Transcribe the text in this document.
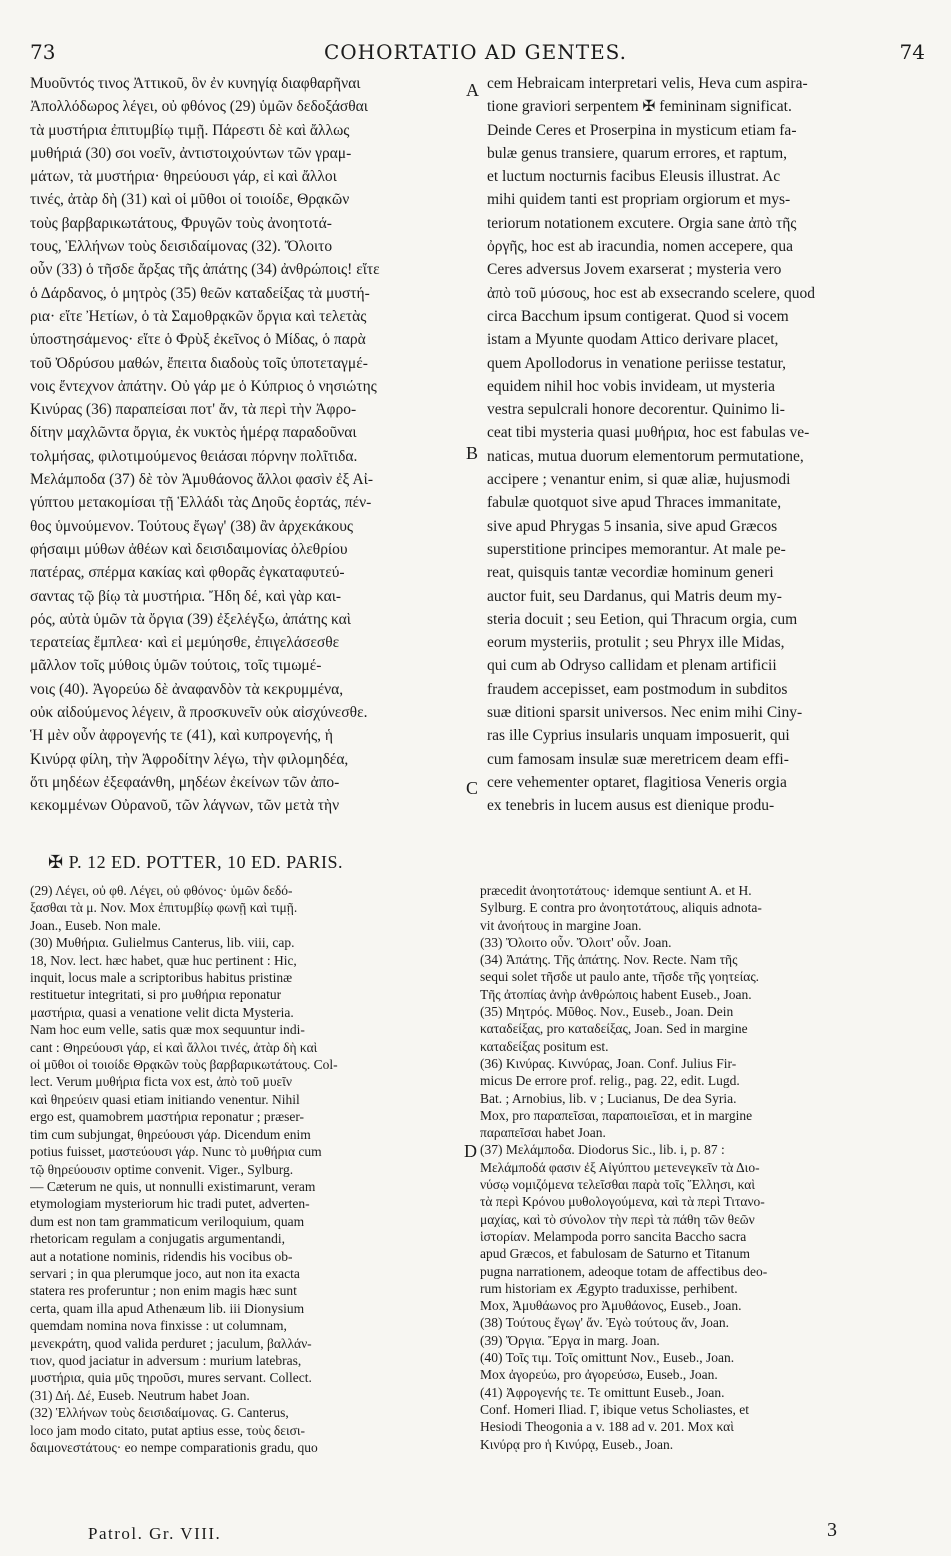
73	COHORTATIO AD GENTES.	74
Μυοῦντός τινος Ἀττικοῦ, ὃν ἐν κυνηγίᾳ διαφθαρῆναι
Ἀπολλόδωρος λέγει, οὐ φθόνος (29) ὑμῶν δεδοξάσθαι
τὰ μυστήρια ἐπιτυμβίῳ τιμῇ. Πάρεστι δὲ καὶ ἄλλως
μυθήριά (30) σοι νοεῖν, ἀντιστοιχούντων τῶν γραμ-
μάτων, τὰ μυστήρια· θηρεύουσι γάρ, εἰ καὶ ἄλλοι
τινές, ἀτὰρ δὴ (31) καὶ οἱ μῦθοι οἱ τοιοίδε, Θρᾳκῶν
τοὺς βαρβαρικωτάτους, Φρυγῶν τοὺς ἀνοητοτά-
τους, Ἑλλήνων τοὺς δεισιδαίμονας (32). Ὄλοιτο
οὖν (33) ὁ τῆσδε ἄρξας τῆς ἀπάτης (34) ἀνθρώποις! εἴτε
ὁ Δάρδανος, ὁ μητρὸς (35) θεῶν καταδείξας τὰ μυστή-
ρια· εἴτε Ἠετίων, ὁ τὰ Σαμοθρᾳκῶν ὄργια καὶ τελετὰς
ὑποστησάμενος· εἴτε ὁ Φρὺξ ἐκεῖνος ὁ Μίδας, ὁ παρὰ
τοῦ Ὀδρύσου μαθών, ἔπειτα διαδοὺς τοῖς ὑποτεταγμέ-
νοις ἔντεχνον ἀπάτην. Οὐ γάρ με ὁ Κύπριος ὁ νησιώτης
Κινύρας (36) παραπείσαι ποτ' ἄν, τὰ περὶ τὴν Ἀφρο-
δίτην μαχλῶντα ὄργια, ἐκ νυκτὸς ἡμέρᾳ παραδοῦναι
τολμήσας, φιλοτιμούμενος θειάσαι πόρνην πολῖτιδα.
Μελάμποδα (37) δὲ τὸν Ἀμυθάονος ἄλλοι φασὶν ἐξ Αἰ-
γύπτου μετακομίσαι τῇ Ἑλλάδι τὰς Δηοῦς ἑορτάς, πέν-
θος ὑμνούμενον. Τούτους ἔγωγ' (38) ἂν ἀρχεκάκους
φήσαιμι μύθων ἀθέων καὶ δεισιδαιμονίας ὀλεθρίου
πατέρας, σπέρμα κακίας καὶ φθορᾶς ἐγκαταφυτεύ-
σαντας τῷ βίῳ τὰ μυστήρια. Ἤδη δέ, καὶ γὰρ και-
ρός, αὐτὰ ὑμῶν τὰ ὄργια (39) ἐξελέγξω, ἀπάτης καὶ
τερατείας ἔμπλεα· καὶ εἰ μεμύησθε, ἐπιγελάσεσθε
μᾶλλον τοῖς μύθοις ὑμῶν τούτοις, τοῖς τιμωμέ-
νοις (40). Ἀγορεύω δὲ ἀναφανδὸν τὰ κεκρυμμένα,
οὐκ αἰδούμενος λέγειν, ἃ προσκυνεῖν οὐκ αἰσχύνεσθε.
Ἡ μὲν οὖν ἀφρογενής τε (41), καὶ κυπρογενής, ἡ
Κινύρᾳ φίλη, τὴν Ἀφροδίτην λέγω, τὴν φιλομηδέα,
ὅτι μηδέων ἐξεφαάνθη, μηδέων ἐκείνων τῶν ἀπο-
κεκομμένων Οὐρανοῦ, τῶν λάγνων, τῶν μετὰ τὴν
cem Hebraicam interpretari velis, Heva cum aspira-
tione graviori serpentem ✠ femininam significat.
Deinde Ceres et Proserpina in mysticum etiam fa-
bulæ genus transiere, quarum errores, et raptum,
et luctum nocturnis facibus Eleusis illustrat. Ac
mihi quidem tanti est propriam orgiorum et mys-
teriorum notationem excutere. Orgia sane ἀπὸ τῆς
ὀργῆς, hoc est ab iracundia, nomen accepere, qua
Ceres adversus Jovem exarserat ; mysteria vero
ἀπὸ τοῦ μύσους, hoc est ab exsecrando scelere, quod
circa Bacchum ipsum contigerat. Quod si vocem
istam a Myunte quodam Attico derivare placet,
quem Apollodorus in venatione periisse testatur,
equidem nihil hoc vobis invideam, ut mysteria
vestra sepulcrali honore decorentur. Quinimo li-
ceat tibi mysteria quasi μυθήρια, hoc est fabulas ve-
naticas, mutua duorum elementorum permutatione,
accipere ; venantur enim, si quæ aliæ, hujusmodi
fabulæ quotquot sive apud Thraces immanitate,
sive apud Phrygas 5 insania, sive apud Græcos
superstitione principes memorantur. At male pe-
reat, quisquis tantæ vecordiæ hominum generi
auctor fuit, seu Dardanus, qui Matris deum my-
steria docuit ; seu Eetion, qui Thracum orgia, cum
eorum mysteriis, protulit ; seu Phryx ille Midas,
qui cum ab Odryso callidam et plenam artificii
fraudem accepisset, eam postmodum in subditos
suæ ditioni sparsit universos. Nec enim mihi Ciny-
ras ille Cyprius insularis unquam imposuerit, qui
cum famosam insulæ suæ meretricem deam effi-
cere vehementer optaret, flagitiosa Veneris orgia
ex tenebris in lucem ausus est dienique produ-
A
B
C
D
✠ P. 12 ED. POTTER, 10 ED. PARIS.
(29) Λέγει, οὐ φθ. Λέγει, οὐ φθόνος· ὑμῶν δεδό-
ξασθαι τὰ μ. Nov. Mox ἐπιτυμβίῳ φωνῇ καὶ τιμῇ.
Joan., Euseb. Non male.
(30) Μυθήρια. Gulielmus Canterus, lib. viii, cap.
18, Nov. lect. hæc habet, quæ huc pertinent : Hic,
inquit, locus male a scriptoribus habitus pristinæ
restituetur integritati, si pro μυθήρια reponatur
μαστήρια, quasi a venatione velit dicta Mysteria.
Nam hoc eum velle, satis quæ mox sequuntur indi-
cant : Θηρεύουσι γάρ, εἰ καὶ ἄλλοι τινές, ἀτὰρ δὴ καὶ
οἱ μῦθοι οἱ τοιοίδε Θρᾳκῶν τοὺς βαρβαρικωτάτους. Col-
lect. Verum μυθήρια ficta vox est, ἀπὸ τοῦ μυεῖν
καὶ θηρεύειν quasi etiam initiando venentur. Nihil
ergo est, quamobrem μαστήρια reponatur ; præser-
tim cum subjungat, θηρεύουσι γάρ. Dicendum enim
potius fuisset, μαστεύουσι γάρ. Nunc τὸ μυθήρια cum
τῷ θηρεύουσιν optime convenit. Viger., Sylburg.
— Cæterum ne quis, ut nonnulli existimarunt, veram
etymologiam mysteriorum hic tradi putet, adverten-
dum est non tam grammaticum veriloquium, quam
rhetoricam regulam a conjugatis argumentandi,
aut a notatione nominis, ridendis his vocibus ob-
servari ; in qua plerumque joco, aut non ita exacta
statera res proferuntur ; non enim magis hæc sunt
certa, quam illa apud Athenæum lib. iii Dionysium
quemdam nomina nova finxisse : ut columnam,
μενεκράτη, quod valida perduret ; jaculum, βαλλάν-
τιον, quod jaciatur in adversum : murium latebras,
μυστήρια, quia μῦς τηροῦσι, mures servant. Collect.
(31) Δή. Δέ, Euseb. Neutrum habet Joan.
(32) Ἑλλήνων τοὺς δεισιδαίμονας. G. Canterus,
loco jam modo citato, putat aptius esse, τοὺς δεισι-
δαιμονεστάτους· eo nempe comparationis gradu, quo
præcedit ἀνοητοτάτους· idemque sentiunt A. et H.
Sylburg. E contra pro ἀνοητοτάτους, aliquis adnota-
vit ἀνοήτους in margine Joan.
(33) Ὄλοιτο οὖν. Ὄλοιτ' οὖν. Joan.
(34) Ἀπάτης. Τῆς ἀπάτης. Nov. Recte. Nam τῆς
sequi solet τῆσδε ut paulo ante, τῆσδε τῆς γοητείας.
Τῆς ἀτοπίας ἀνὴρ ἀνθρώποις habent Euseb., Joan.
(35) Μητρός. Μῦθος. Nov., Euseb., Joan. Dein
καταδείξας, pro καταδείξας, Joan. Sed in margine
καταδείξας positum est.
(36) Κινύρας. Κιννύρας, Joan. Conf. Julius Fir-
micus De errore prof. relig., pag. 22, edit. Lugd.
Bat. ; Arnobius, lib. v ; Lucianus, De dea Syria.
Mox, pro παραπεῖσαι, παραποιεῖσαι, et in margine
παραπεῖσαι habet Joan.
(37) Μελάμποδα. Diodorus Sic., lib. i, p. 87 :
Μελάμποδά φασιν ἐξ Αἰγύπτου μετενεγκεῖν τὰ Διο-
νύσῳ νομιζόμενα τελεῖσθαι παρὰ τοῖς Ἕλλησι, καὶ
τὰ περὶ Κρόνου μυθολογούμενα, καὶ τὰ περὶ Τιτανο-
μαχίας, καὶ τὸ σύνολον τὴν περὶ τὰ πάθη τῶν θεῶν
ἱστορίαν. Melampoda porro sancita Baccho sacra
apud Græcos, et fabulosam de Saturno et Titanum
pugna narrationem, adeoque totam de affectibus deo-
rum historiam ex Ægypto traduxisse, perhibent.
Mox, Ἀμυθάωνος pro Ἀμυθάονος, Euseb., Joan.
(38) Τούτους ἔγωγ' ἄν. Ἐγὼ τούτους ἄν, Joan.
(39) Ὄργια. Ἔργα in marg. Joan.
(40) Τοῖς τιμ. Τοῖς omittunt Nov., Euseb., Joan.
Mox ἀγορεύω, pro ἀγορεύσω, Euseb., Joan.
(41) Ἀφρογενής τε. Τε omittunt Euseb., Joan.
Conf. Homeri Iliad. Γ, ibique vetus Scholiastes, et
Hesiodi Theogonia a v. 188 ad v. 201. Mox καὶ
Κινύρᾳ pro ἡ Κινύρᾳ, Euseb., Joan.
Patrol. Gr. VIII.	3
